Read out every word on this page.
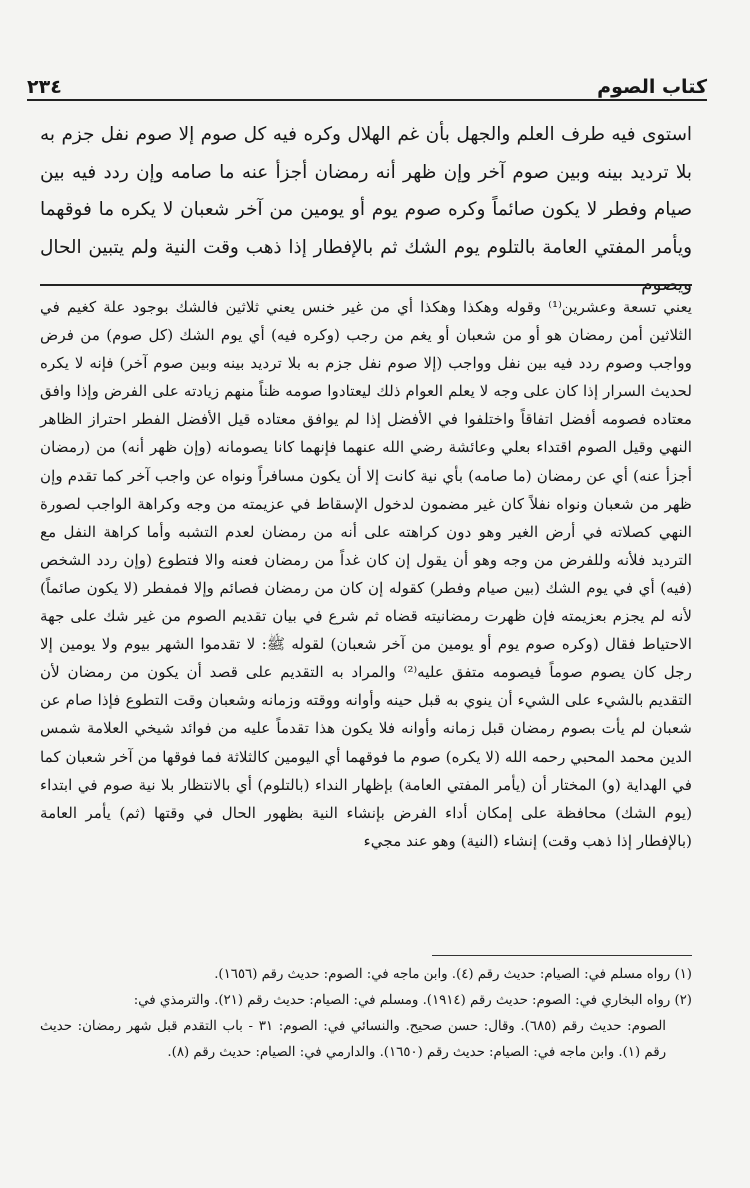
كتاب الصوم
٢٣٤

استوى فيه طرف العلم والجهل بأن غم الهلال وكره فيه كل صوم إلا صوم نفل جزم به بلا ترديد بينه وبين صوم آخر وإن ظهر أنه رمضان أجزأ عنه ما صامه وإن ردد فيه بين صيام وفطر لا يكون صائماً وكره صوم يوم أو يومين من آخر شعبان لا يكره ما فوقهما ويأمر المفتي العامة بالتلوم يوم الشك ثم بالإفطار إذا ذهب وقت النية ولم يتبين الحال ويصوم

يعني تسعة وعشرين⁽¹⁾ وقوله وهكذا وهكذا أي من غير خنس يعني ثلاثين فالشك بوجود علة كغيم في الثلاثين أمن رمضان هو أو من شعبان أو يغم من رجب (وكره فيه) أي يوم الشك (كل صوم) من فرض وواجب وصوم ردد فيه بين نفل وواجب (إلا صوم نفل جزم به بلا ترديد بينه وبين صوم آخر) فإنه لا يكره لحديث السرار إذا كان على وجه لا يعلم العوام ذلك ليعتادوا صومه ظناً منهم زيادته على الفرض وإذا وافق معتاده فصومه أفضل اتفاقاً واختلفوا في الأفضل إذا لم يوافق معتاده قيل الأفضل الفطر احتراز الظاهر النهي وقيل الصوم اقتداء بعلي وعائشة رضي الله عنهما فإنهما كانا يصومانه (وإن ظهر أنه) من (رمضان أجزأ عنه) أي عن رمضان (ما صامه) بأي نية كانت إلا أن يكون مسافراً ونواه عن واجب آخر كما تقدم وإن ظهر من شعبان ونواه نفلاً كان غير مضمون لدخول الإسقاط في عزيمته من وجه وكراهة الواجب لصورة النهي كصلاته في أرض الغير وهو دون كراهته على أنه من رمضان لعدم التشبه وأما كراهة النفل مع الترديد فلأنه وللفرض من وجه وهو أن يقول إن كان غداً من رمضان فعنه والا فتطوع (وإن ردد الشخص (فيه) أي في يوم الشك (بين صيام وفطر) كقوله إن كان من رمضان فصائم وإلا فمفطر (لا يكون صائماً) لأنه لم يجزم بعزيمته فإن ظهرت رمضانيته قضاه ثم شرع في بيان تقديم الصوم من غير شك على جهة الاحتياط فقال (وكره صوم يوم أو يومين من آخر شعبان) لقوله ﷺ: لا تقدموا الشهر بيوم ولا يومين إلا رجل كان يصوم صوماً فيصومه متفق عليه⁽²⁾ والمراد به التقديم على قصد أن يكون من رمضان لأن التقديم بالشيء على الشيء أن ينوي به قبل حينه وأوانه ووقته وزمانه وشعبان وقت التطوع فإذا صام عن شعبان لم يأت بصوم رمضان قبل زمانه وأوانه فلا يكون هذا تقدماً عليه من فوائد شيخي العلامة شمس الدين محمد المحبي رحمه الله (لا يكره) صوم ما فوقهما أي اليومين كالثلاثة فما فوقها من آخر شعبان كما في الهداية (و) المختار أن (يأمر المفتي العامة) بإظهار النداء (بالتلوم) أي بالانتظار بلا نية صوم في ابتداء (يوم الشك) محافظة على إمكان أداء الفرض بإنشاء النية بظهور الحال في وقتها (ثم) يأمر العامة (بالإفطار إذا ذهب وقت) إنشاء (النية) وهو عند مجيء

(١) رواه مسلم في: الصيام: حديث رقم (٤). وابن ماجه في: الصوم: حديث رقم (١٦٥٦).

(٢) رواه البخاري في: الصوم: حديث رقم (١٩١٤). ومسلم في: الصيام: حديث رقم (٢١). والترمذي في:

الصوم: حديث رقم (٦٨٥). وقال: حسن صحيح. والنسائي في: الصوم: ٣١ - باب التقدم قبل شهر رمضان: حديث رقم (١). وابن ماجه في: الصيام: حديث رقم (١٦٥٠). والدارمي في: الصيام: حديث رقم (٨).
